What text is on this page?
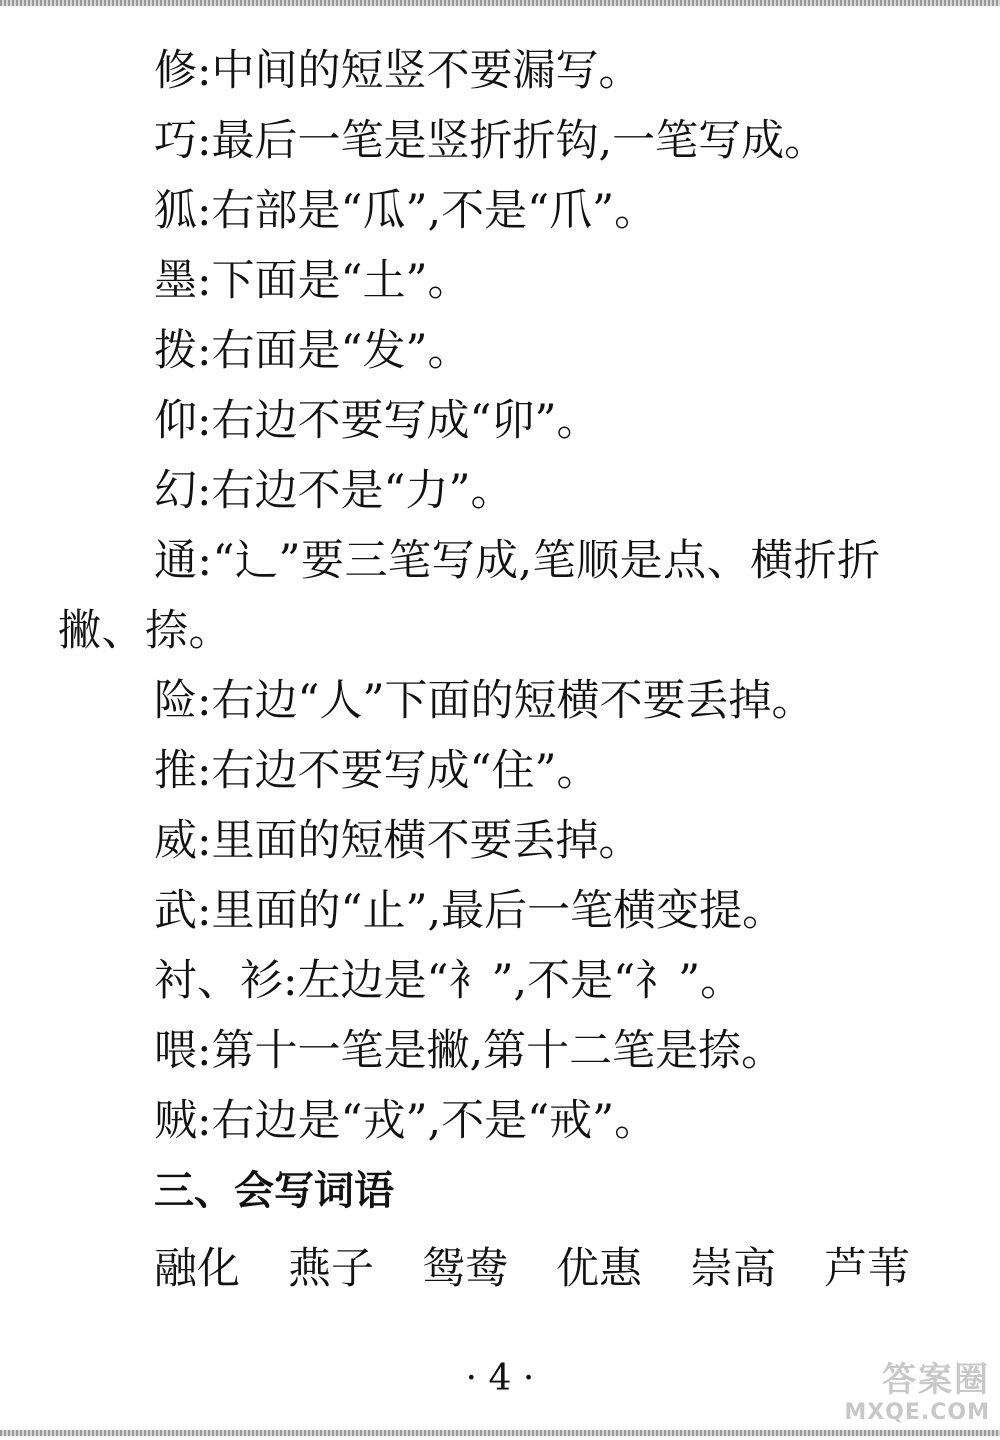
修:中间的短竖不要漏写。

巧:最后一笔是竖折折钩,一笔写成。

狐:右部是“瓜”,不是“爪”。

墨:下面是“土”。

拨:右面是“发”。

仰:右边不要写成“卯”。

幻:右边不是“力”。

通:“辶”要三笔写成,笔顺是点、横折折撇、捺。

险:右边“人”下面的短横不要丢掉。

推:右边不要写成“住”。

威:里面的短横不要丢掉。

武:里面的“止”,最后一笔横变提。

衬、衫:左边是“衤”,不是“礻”。

喂:第十一笔是撇,第十二笔是捺。

贼:右边是“戎”,不是“戒”。

三、会写词语
融化	燕子	鸳鸯	优惠	崇高	芦苇
· 4 ·	答案圈
MXQE.COM
